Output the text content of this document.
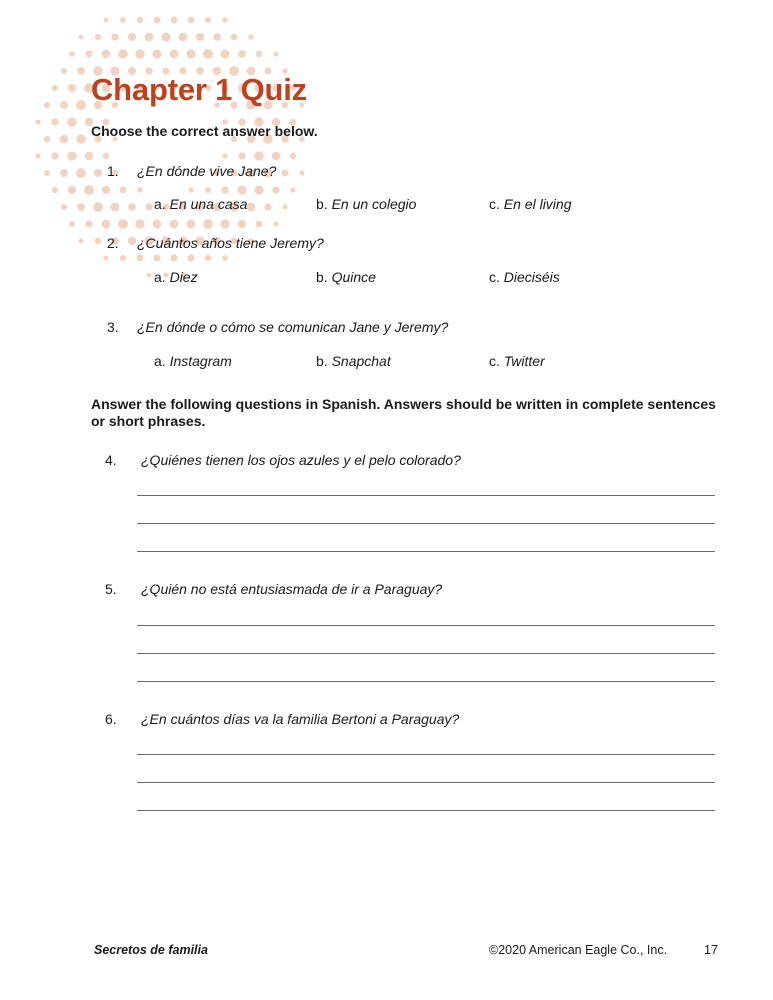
Chapter 1 Quiz

Choose the correct answer below.

1. ¿En dónde vive Jane?
a. En una casa	b. En un colegio	c. En el living
2. ¿Cuántos años tiene Jeremy?
a. Diez	b. Quince	c. Dieciséis
3. ¿En dónde o cómo se comunican Jane y Jeremy?
a. Instagram	b. Snapchat	c. Twitter

Answer the following questions in Spanish. Answers should be written in complete sentences or short phrases.

4. ¿Quiénes tienen los ojos azules y el pelo colorado?
5. ¿Quién no está entusiasmada de ir a Paraguay?
6. ¿En cuántos días va la familia Bertoni a Paraguay?
Secretos de familia	©2020 American Eagle Co., Inc.	17
